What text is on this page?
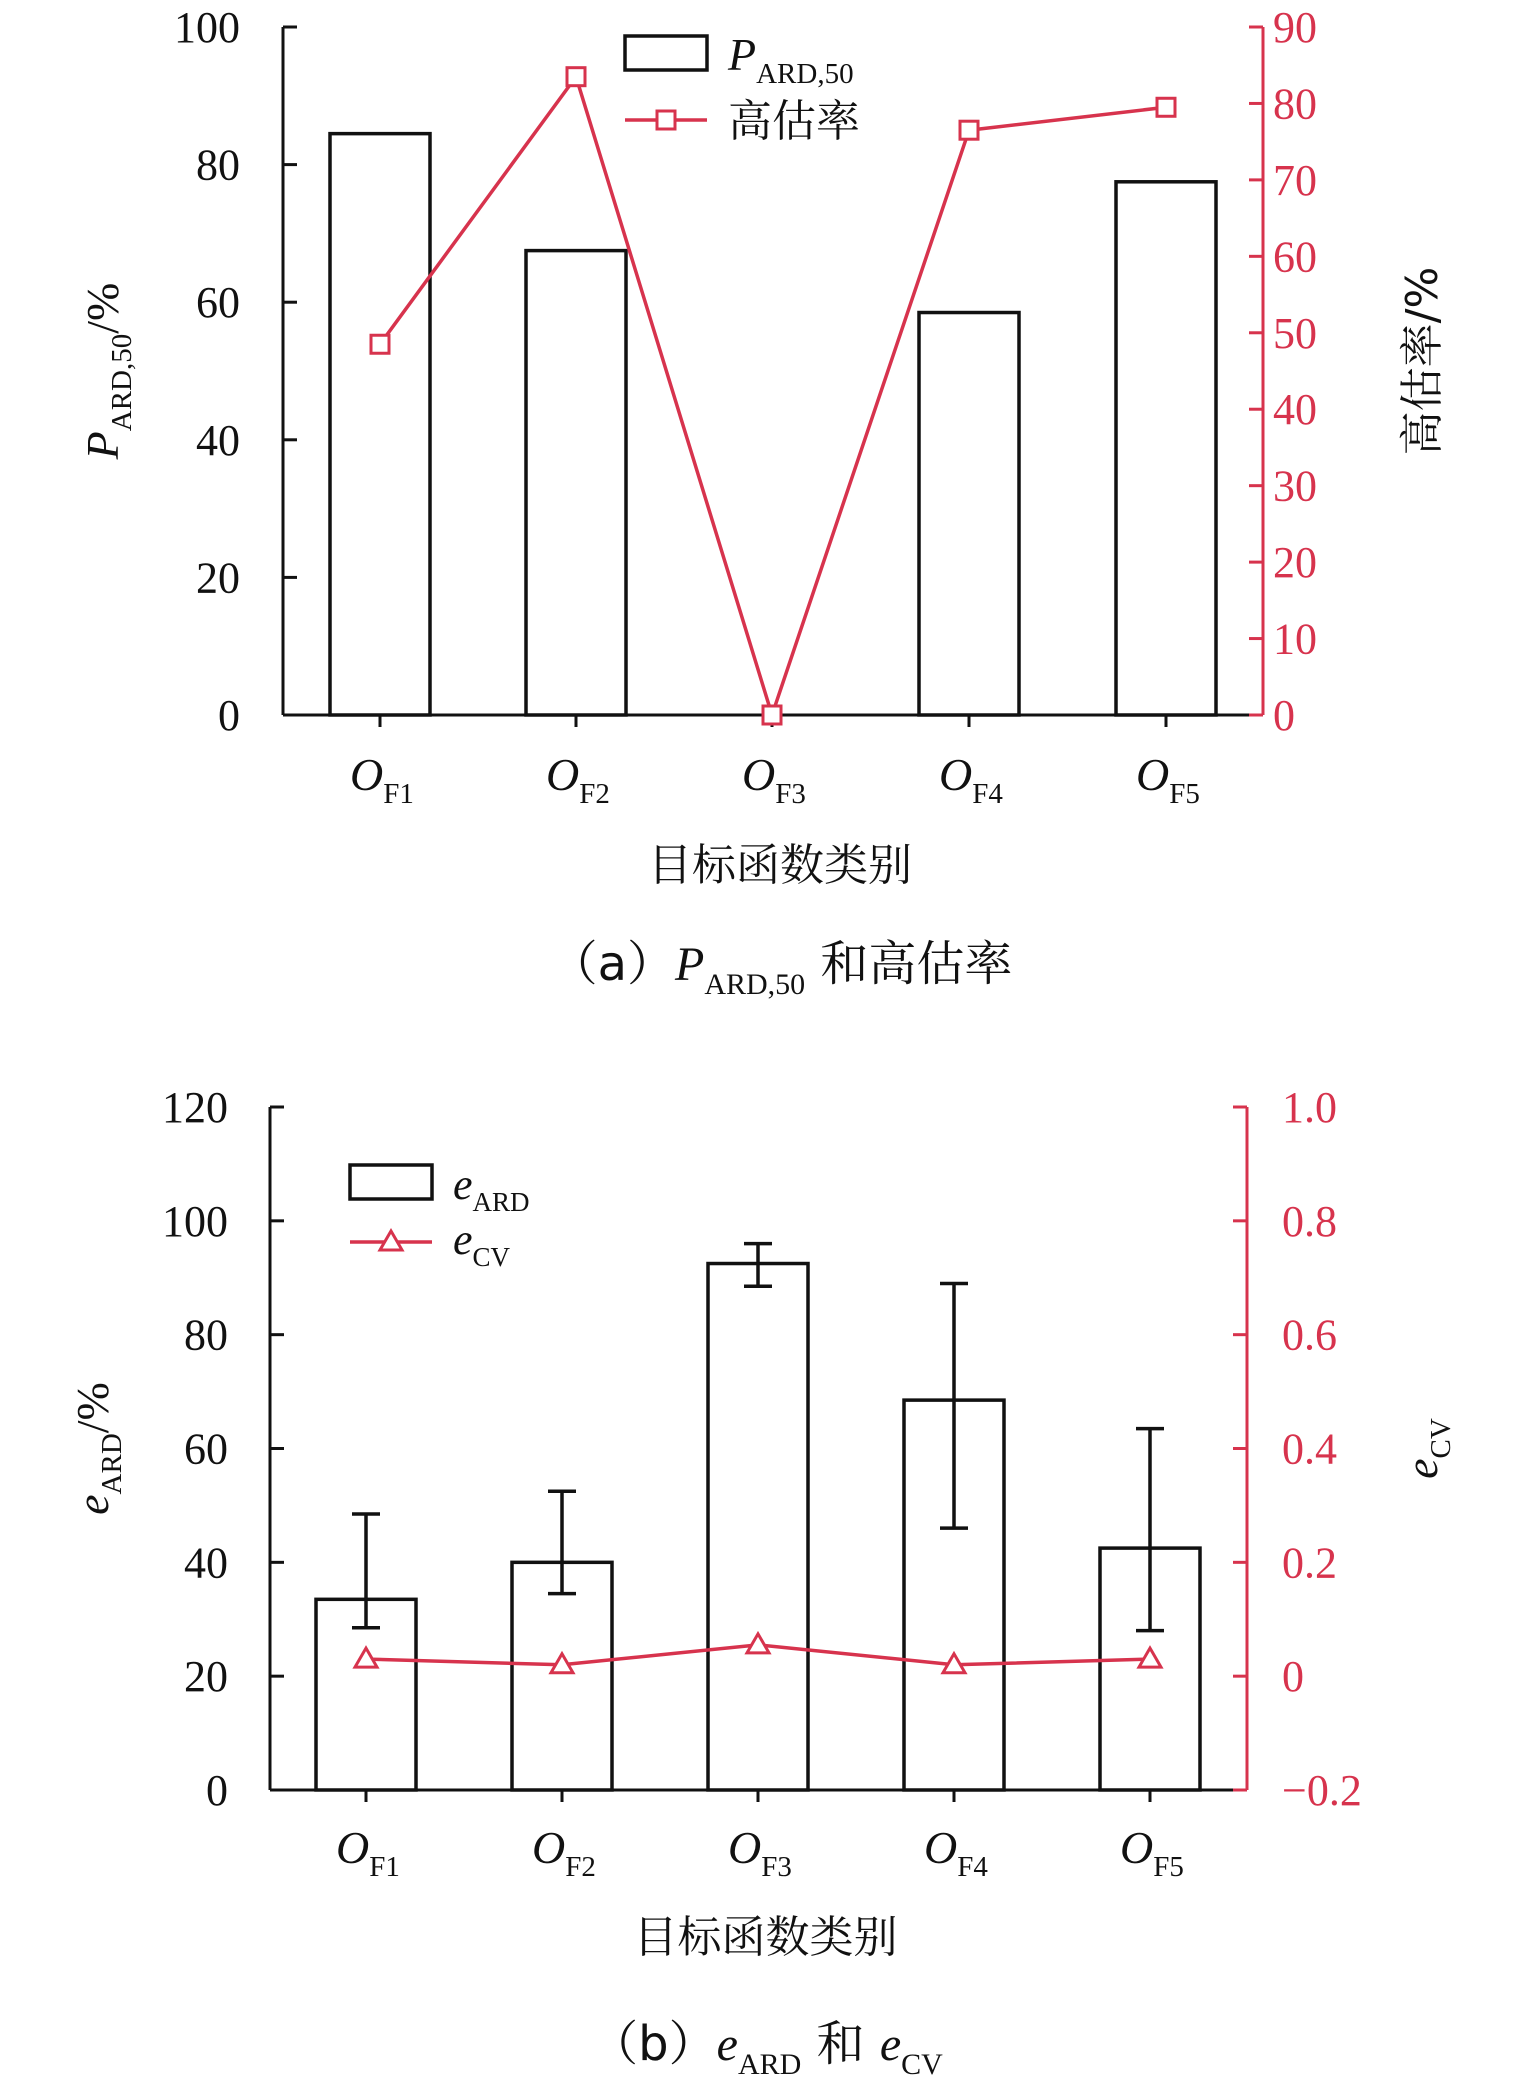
0
20
40
60
80
100
0
10
20
30
40
50
60
70
80
90
$O_{F1}$	$O_{F2}$	$O_{F3}$	$O_{F4}$	$O_{F5}$
$P_{ARD,50}$
高估率
$P_{ARD,50}/\%$	高估率/%
目标函数类别
$(a)P_{ARD,50}$ 和高估率
0
20
40
60
80
100
120
−0.2
0
0.2
0.4
0.6
0.8
1.0
$O_{F1}$	$O_{F2}$	$O_{F3}$	$O_{F4}$	$O_{F5}$
$e_{ARD}$
$e_{CV}$
$e_{ARD}/\%$
$e_{CV}$
目标函数类别
$(b)e_{ARD}$ 和 $e_{CV}$
